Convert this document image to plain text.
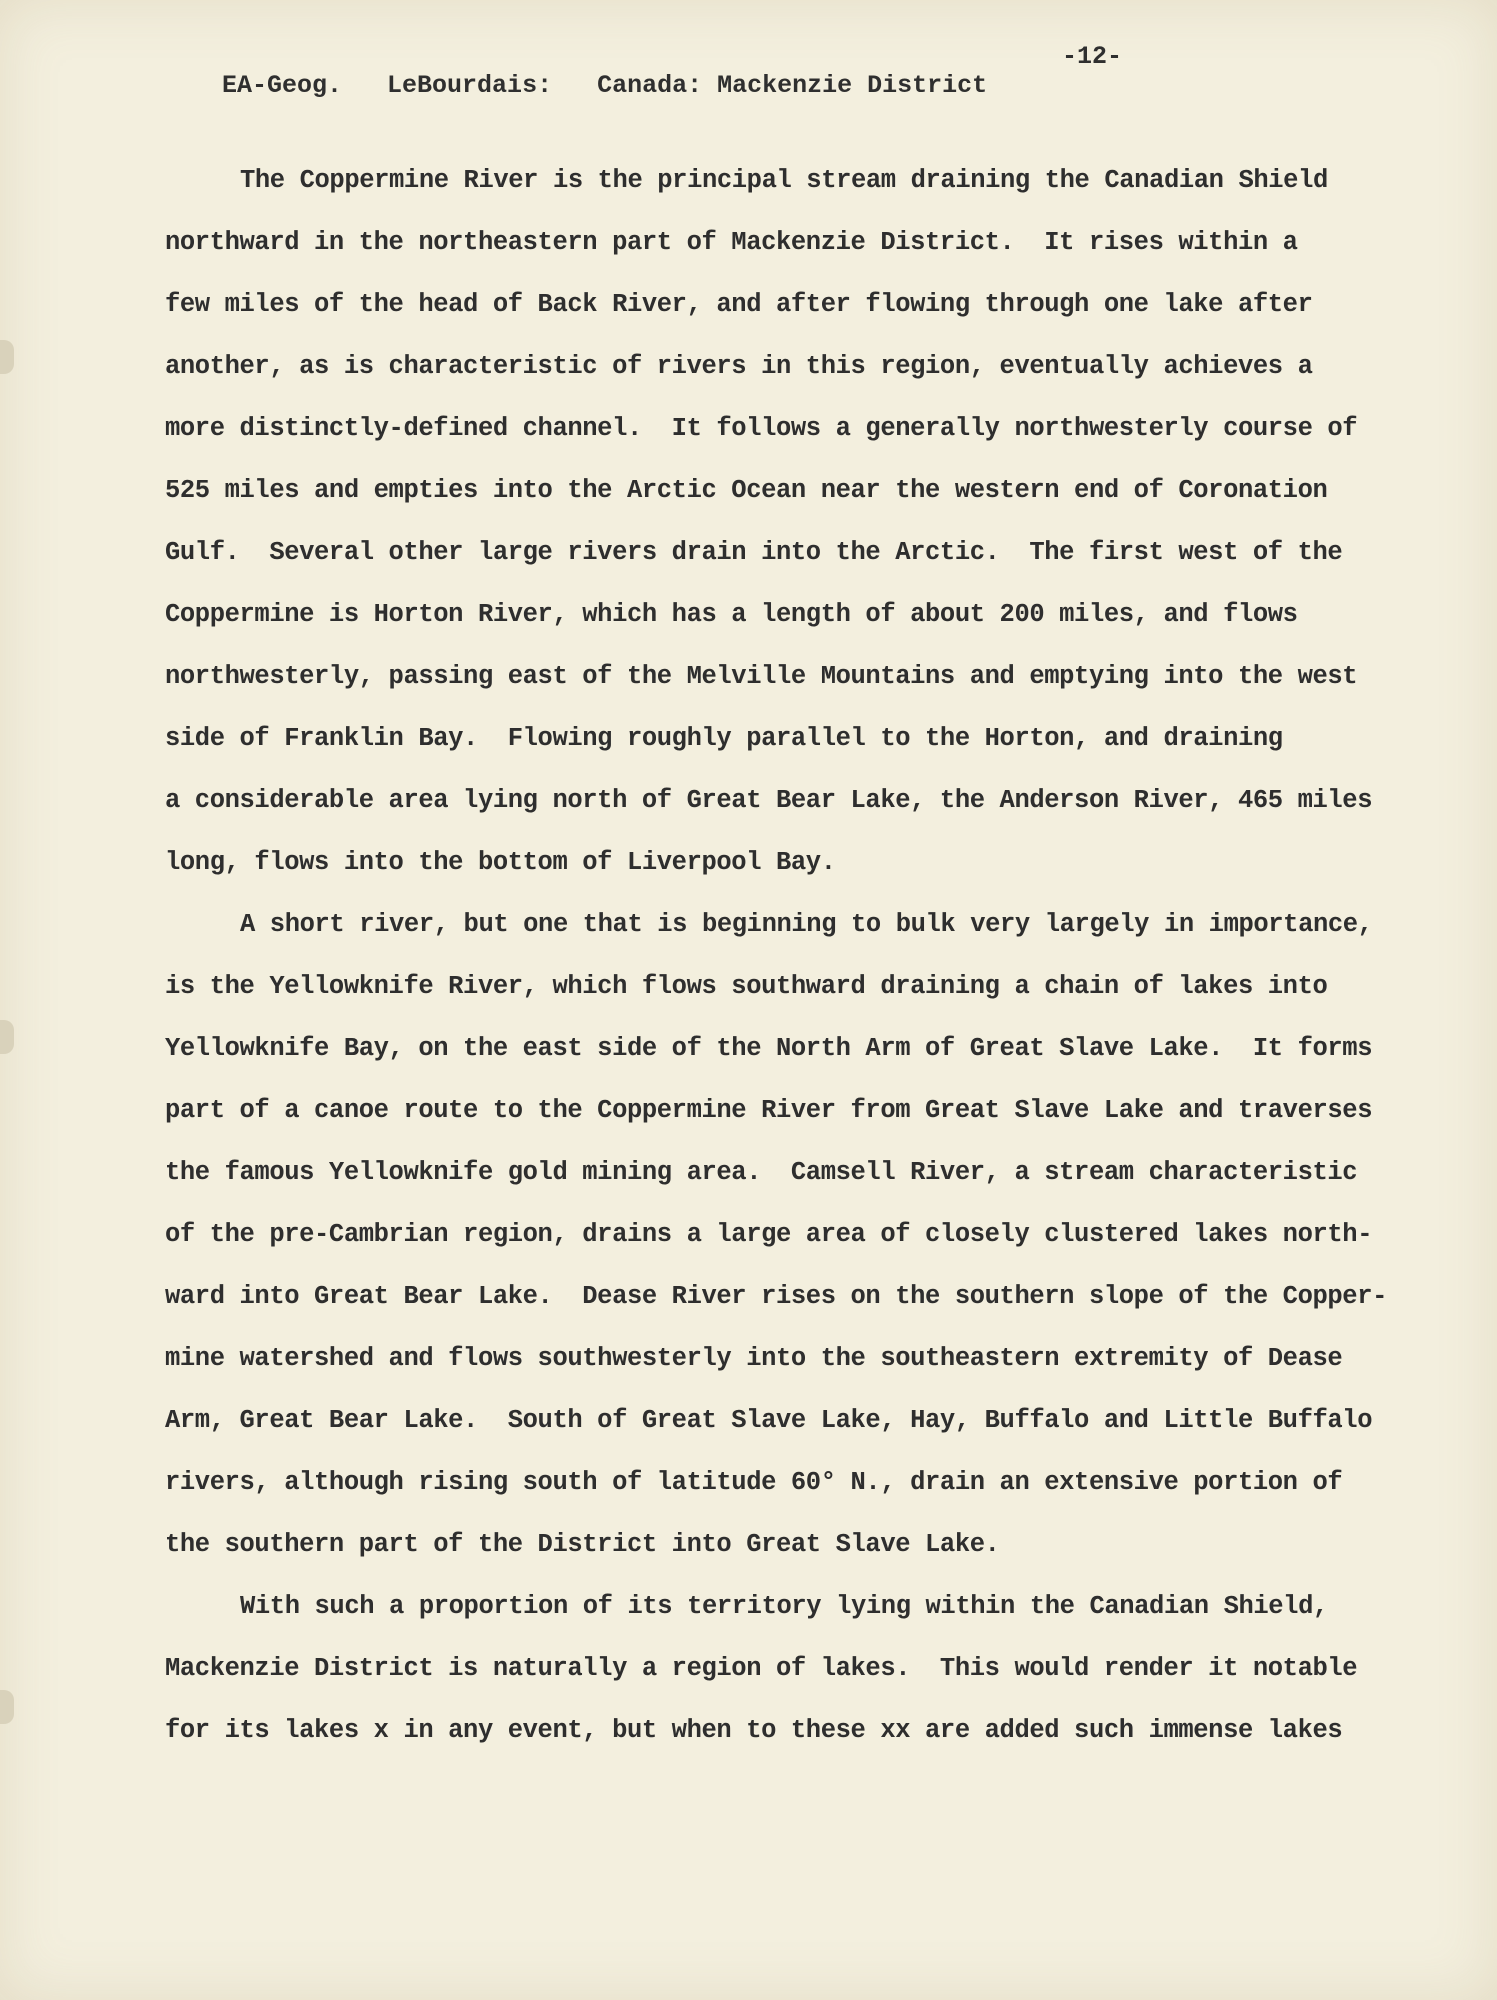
EA-Geog.   LeBourdais:   Canada: Mackenzie District

-12-

The Coppermine River is the principal stream draining the Canadian Shield
northward in the northeastern part of Mackenzie District.  It rises within a
few miles of the head of Back River, and after flowing through one lake after
another, as is characteristic of rivers in this region, eventually achieves a
more distinctly-defined channel.  It follows a generally northwesterly course of
525 miles and empties into the Arctic Ocean near the western end of Coronation
Gulf.  Several other large rivers drain into the Arctic.  The first west of the
Coppermine is Horton River, which has a length of about 200 miles, and flows
northwesterly, passing east of the Melville Mountains and emptying into the west
side of Franklin Bay.  Flowing roughly parallel to the Horton, and draining
a considerable area lying north of Great Bear Lake, the Anderson River, 465 miles
long, flows into the bottom of Liverpool Bay.
A short river, but one that is beginning to bulk very largely in importance,
is the Yellowknife River, which flows southward draining a chain of lakes into
Yellowknife Bay, on the east side of the North Arm of Great Slave Lake.  It forms
part of a canoe route to the Coppermine River from Great Slave Lake and traverses
the famous Yellowknife gold mining area.  Camsell River, a stream characteristic
of the pre-Cambrian region, drains a large area of closely clustered lakes north-
ward into Great Bear Lake.  Dease River rises on the southern slope of the Copper-
mine watershed and flows southwesterly into the southeastern extremity of Dease
Arm, Great Bear Lake.  South of Great Slave Lake, Hay, Buffalo and Little Buffalo
rivers, although rising south of latitude 60° N., drain an extensive portion of
the southern part of the District into Great Slave Lake.
With such a proportion of its territory lying within the Canadian Shield,
Mackenzie District is naturally a region of lakes.  This would render it notable
for its lakes x in any event, but when to these xx are added such immense lakes
